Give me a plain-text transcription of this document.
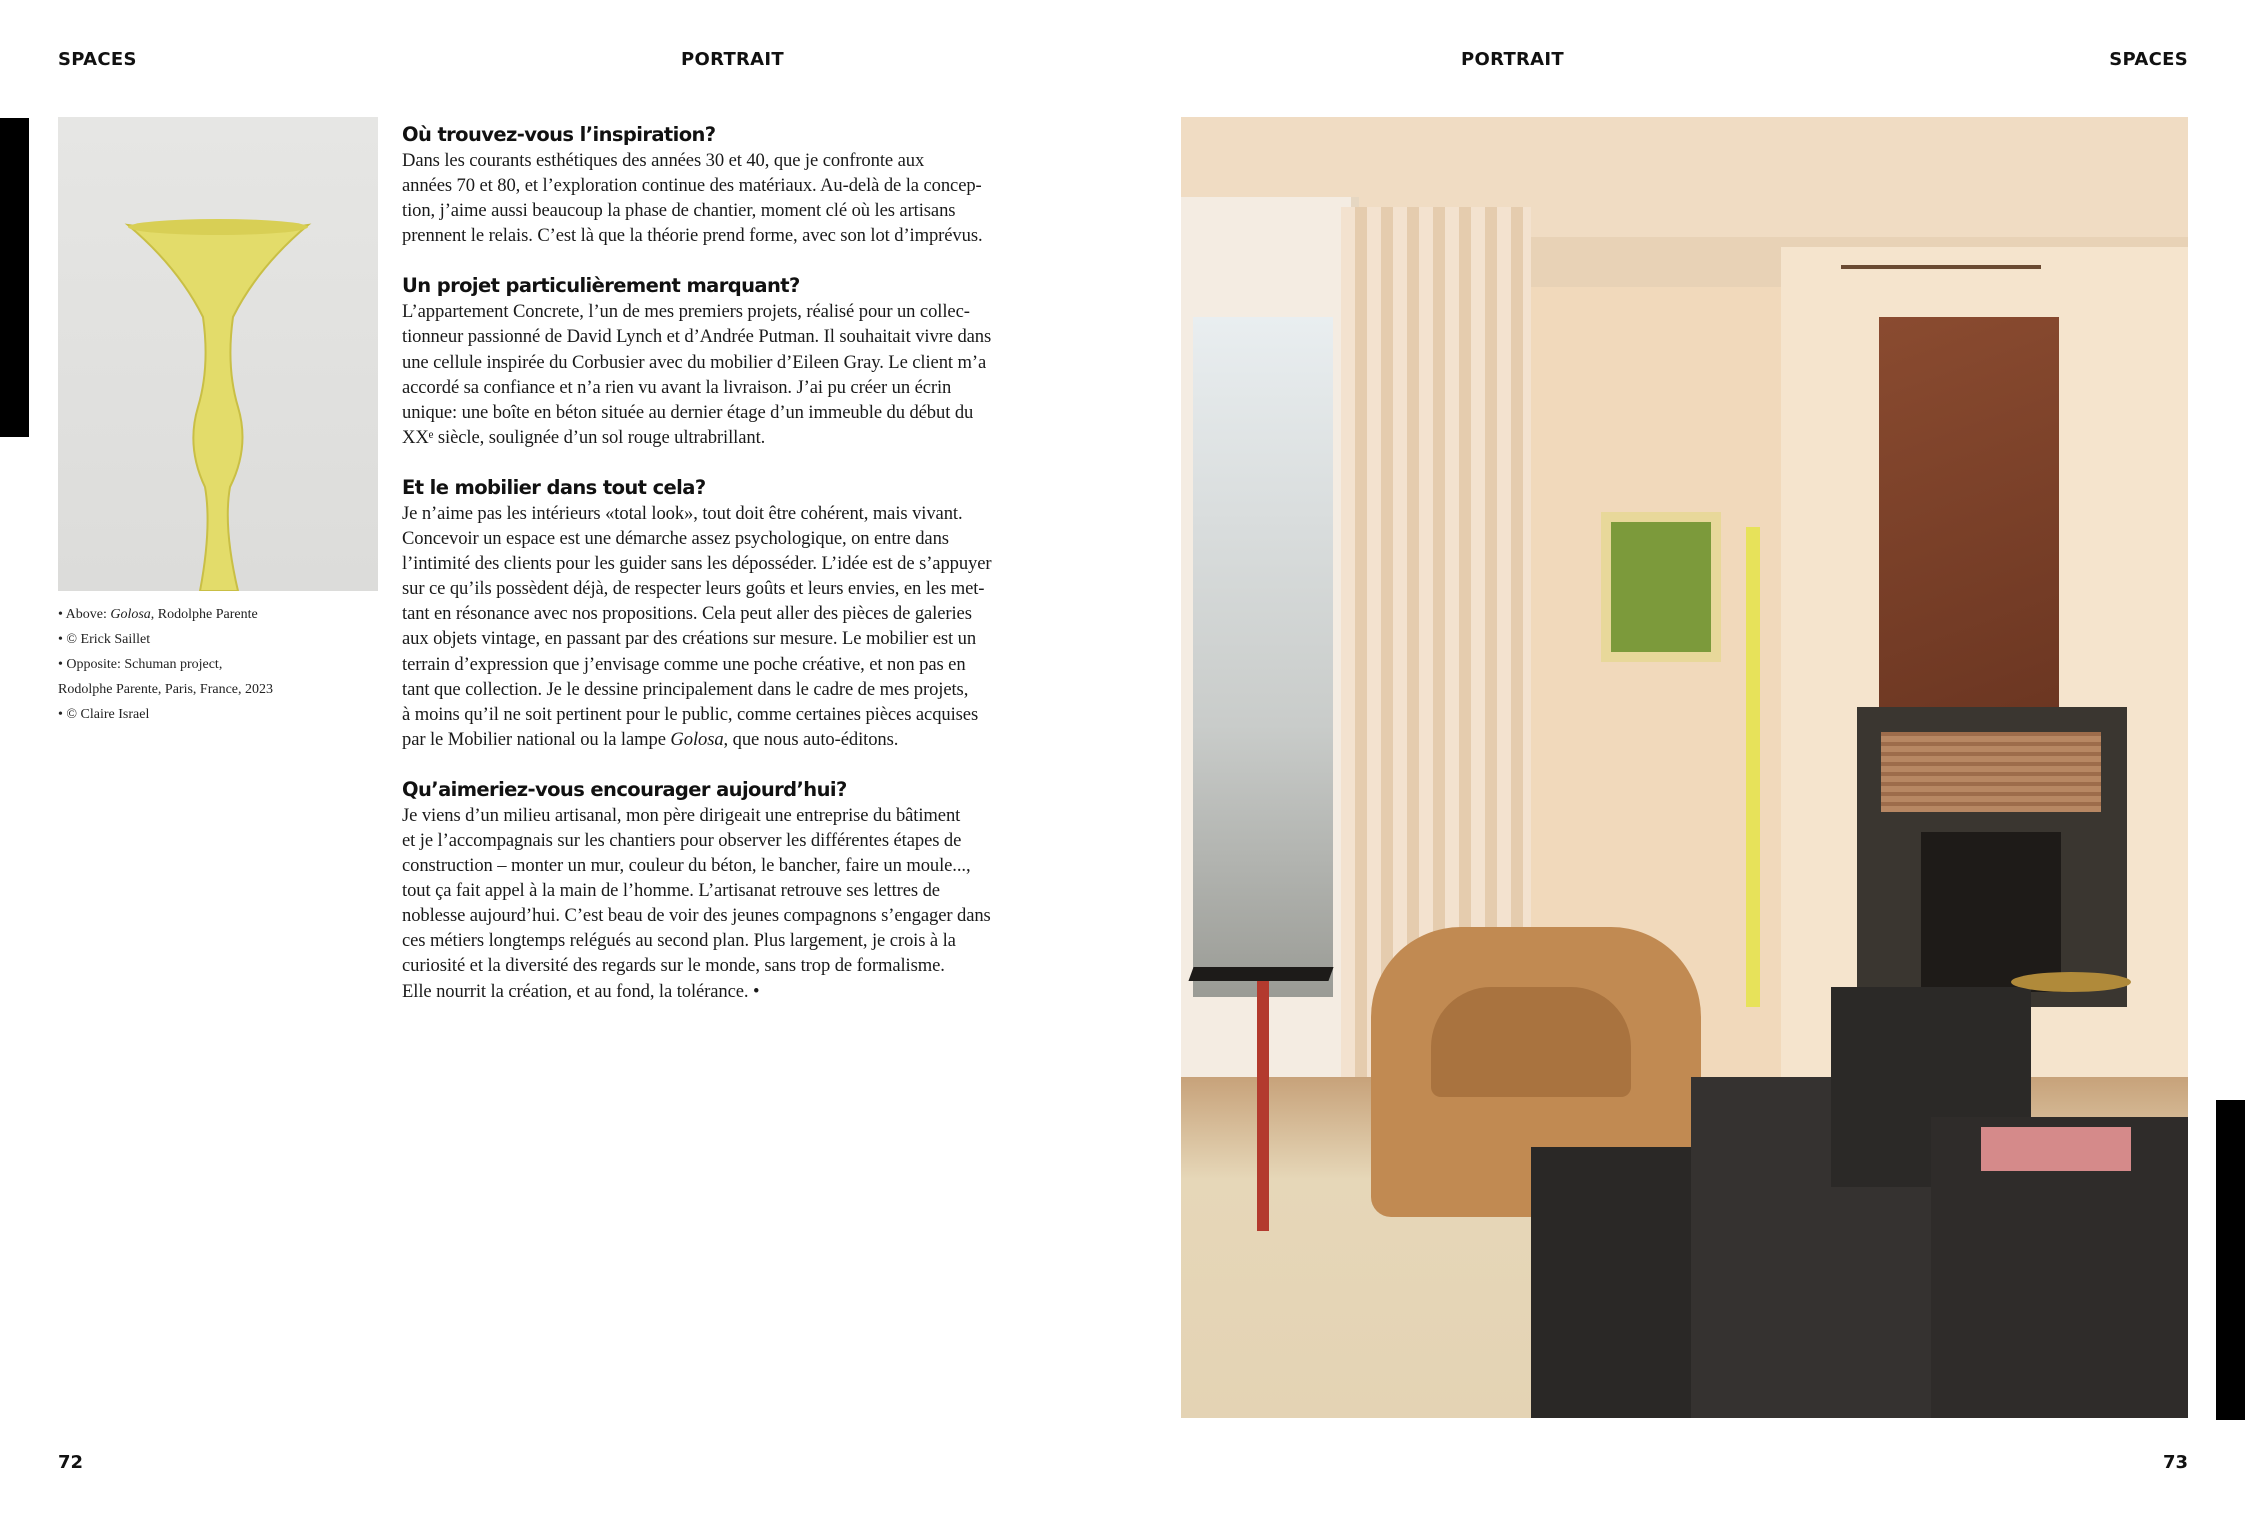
SPACES	PORTRAIT	PORTRAIT	SPACES
• Above: Golosa, Rodolphe Parente
• © Erick Saillet
• Opposite: Schuman project,
Rodolphe Parente, Paris, France, 2023
• © Claire Israel
Où trouvez-vous l’inspiration?

Dans les courants esthétiques des années 30 et 40, que je confronte aux
années 70 et 80, et l’exploration continue des matériaux. Au-delà de la concep-
tion, j’aime aussi beaucoup la phase de chantier, moment clé où les artisans
prennent le relais. C’est là que la théorie prend forme, avec son lot d’imprévus.

Un projet particulièrement marquant?

L’appartement Concrete, l’un de mes premiers projets, réalisé pour un collec-
tionneur passionné de David Lynch et d’Andrée Putman. Il souhaitait vivre dans
une cellule inspirée du Corbusier avec du mobilier d’Eileen Gray. Le client m’a
accordé sa confiance et n’a rien vu avant la livraison. J’ai pu créer un écrin
unique: une boîte en béton située au dernier étage d’un immeuble du début du
XXᵉ siècle, soulignée d’un sol rouge ultrabrillant.

Et le mobilier dans tout cela?

Je n’aime pas les intérieurs «total look», tout doit être cohérent, mais vivant.
Concevoir un espace est une démarche assez psychologique, on entre dans
l’intimité des clients pour les guider sans les déposséder. L’idée est de s’appuyer
sur ce qu’ils possèdent déjà, de respecter leurs goûts et leurs envies, en les met-
tant en résonance avec nos propositions. Cela peut aller des pièces de galeries
aux objets vintage, en passant par des créations sur mesure. Le mobilier est un
terrain d’expression que j’envisage comme une poche créative, et non pas en
tant que collection. Je le dessine principalement dans le cadre de mes projets,
à moins qu’il ne soit pertinent pour le public, comme certaines pièces acquises
par le Mobilier national ou la lampe Golosa, que nous auto-éditons.

Qu’aimeriez-vous encourager aujourd’hui?

Je viens d’un milieu artisanal, mon père dirigeait une entreprise du bâtiment
et je l’accompagnais sur les chantiers pour observer les différentes étapes de
construction – monter un mur, couleur du béton, le bancher, faire un moule...,
tout ça fait appel à la main de l’homme. L’artisanat retrouve ses lettres de
noblesse aujourd’hui. C’est beau de voir des jeunes compagnons s’engager dans
ces métiers longtemps relégués au second plan. Plus largement, je crois à la
curiosité et la diversité des regards sur le monde, sans trop de formalisme.
Elle nourrit la création, et au fond, la tolérance. •

72	73
